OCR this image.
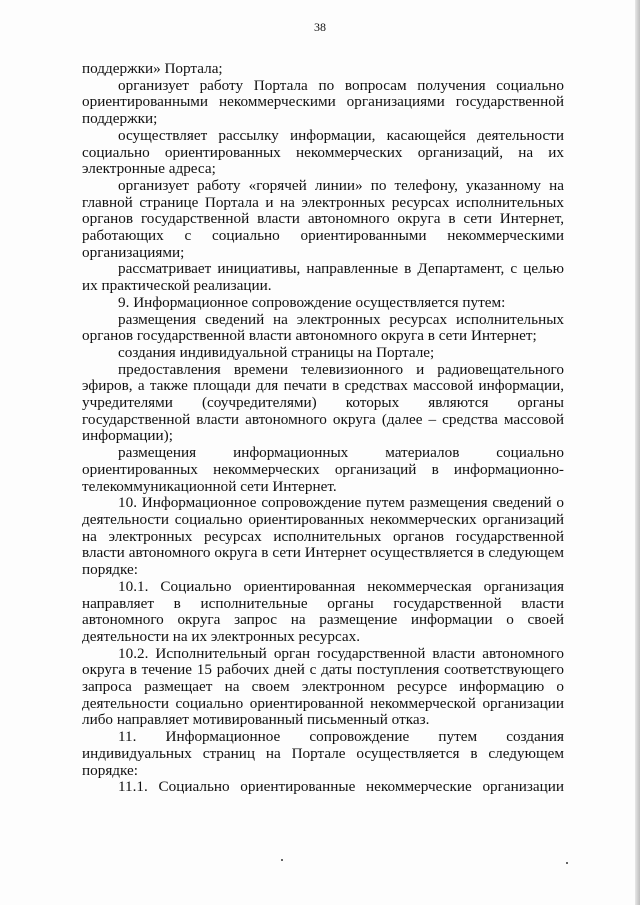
38

поддержки» Портала;

организует работу Портала по вопросам получения социально ориентированными некоммерческими организациями государственной поддержки;

осуществляет рассылку информации, касающейся деятельности социально ориентированных некоммерческих организаций, на их электронные адреса;

организует работу «горячей линии» по телефону, указанному на главной странице Портала и на электронных ресурсах исполнительных органов государственной власти автономного округа в сети Интернет, работающих с социально ориентированными некоммерческими организациями;

рассматривает инициативы, направленные в Департамент, с целью их практической реализации.

9. Информационное сопровождение осуществляется путем:

размещения сведений на электронных ресурсах исполнительных органов государственной власти автономного округа в сети Интернет;

создания индивидуальной страницы на Портале;

предоставления времени телевизионного и радиовещательного эфиров, а также площади для печати в средствах массовой информации, учредителями (соучредителями) которых являются органы государственной власти автономного округа (далее – средства массовой информации);

размещения информационных материалов социально ориентированных некоммерческих организаций в информационно-телекоммуникационной сети Интернет.

10. Информационное сопровождение путем размещения сведений о деятельности социально ориентированных некоммерческих организаций на электронных ресурсах исполнительных органов государственной власти автономного округа в сети Интернет осуществляется в следующем порядке:

10.1. Социально ориентированная некоммерческая организация направляет в исполнительные органы государственной власти автономного округа запрос на размещение информации о своей деятельности на их электронных ресурсах.

10.2. Исполнительный орган государственной власти автономного округа в течение 15 рабочих дней с даты поступления соответствующего запроса размещает на своем электронном ресурсе информацию о деятельности социально ориентированной некоммерческой организации либо направляет мотивированный письменный отказ.

11. Информационное сопровождение путем создания индивидуальных страниц на Портале осуществляется в следующем порядке:

11.1. Социально ориентированные некоммерческие организации
